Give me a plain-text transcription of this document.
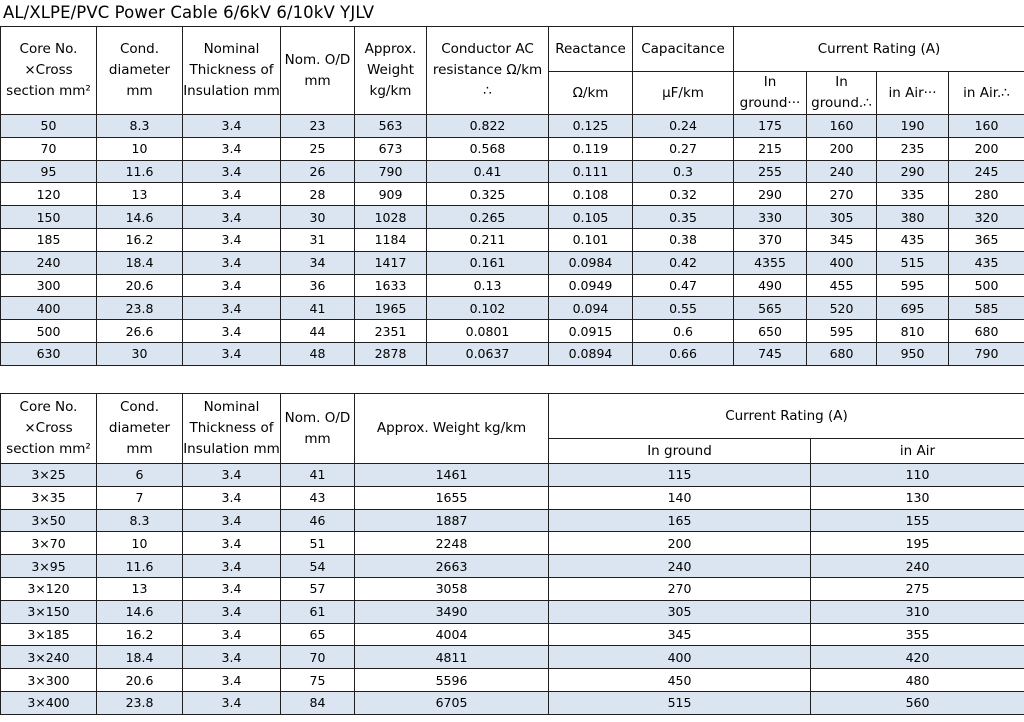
AL/XLPE/PVC Power Cable 6/6kV 6/10kV YJLV
Core No. ×Cross section mm²	Cond. diameter mm	Nominal Thickness of Insulation mm	Nom. O/D mm	Approx. Weight kg/km	Conductor AC resistance Ω/km ∴	Reactance	Capacitance	Current Rating (A)			
						Ω/km	μF/km	In ground···	In ground.∴	in Air···	in Air.∴
50	8.3	3.4	23	563	0.822	0.125	0.24	175	160	190	160
70	10	3.4	25	673	0.568	0.119	0.27	215	200	235	200
95	11.6	3.4	26	790	0.41	0.111	0.3	255	240	290	245
120	13	3.4	28	909	0.325	0.108	0.32	290	270	335	280
150	14.6	3.4	30	1028	0.265	0.105	0.35	330	305	380	320
185	16.2	3.4	31	1184	0.211	0.101	0.38	370	345	435	365
240	18.4	3.4	34	1417	0.161	0.0984	0.42	4355	400	515	435
300	20.6	3.4	36	1633	0.13	0.0949	0.47	490	455	595	500
400	23.8	3.4	41	1965	0.102	0.094	0.55	565	520	695	585
500	26.6	3.4	44	2351	0.0801	0.0915	0.6	650	595	810	680
630	30	3.4	48	2878	0.0637	0.0894	0.66	745	680	950	790
Core No. ×Cross section mm²	Cond. diameter mm	Nominal Thickness of Insulation mm	Nom. O/D mm	Approx. Weight kg/km	Current Rating (A)	
					In ground	in Air
3×25	6	3.4	41	1461	115	110
3×35	7	3.4	43	1655	140	130
3×50	8.3	3.4	46	1887	165	155
3×70	10	3.4	51	2248	200	195
3×95	11.6	3.4	54	2663	240	240
3×120	13	3.4	57	3058	270	275
3×150	14.6	3.4	61	3490	305	310
3×185	16.2	3.4	65	4004	345	355
3×240	18.4	3.4	70	4811	400	420
3×300	20.6	3.4	75	5596	450	480
3×400	23.8	3.4	84	6705	515	560
